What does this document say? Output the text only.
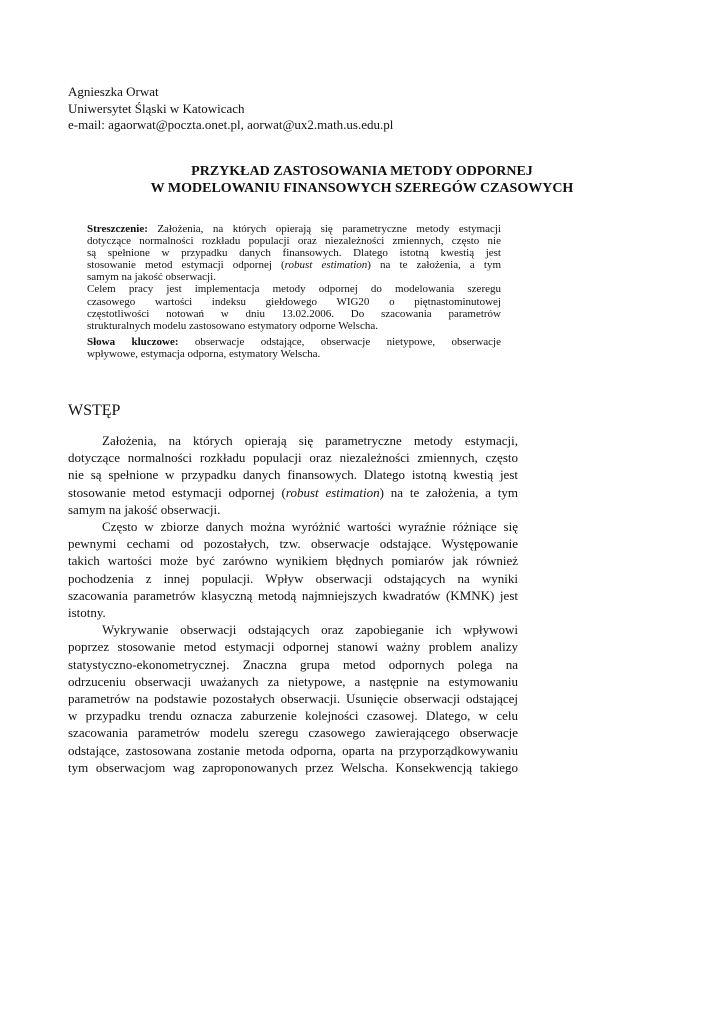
Agnieszka Orwat
Uniwersytet Śląski w Katowicach
e-mail: agaorwat@poczta.onet.pl, aorwat@ux2.math.us.edu.pl
PRZYKŁAD ZASTOSOWANIA METODY ODPORNEJ
W MODELOWANIU FINANSOWYCH SZEREGÓW CZASOWYCH

Streszczenie: Założenia, na których opierają się parametryczne metody estymacji

dotyczące normalności rozkładu populacji oraz niezależności zmiennych, często nie

są spełnione w przypadku danych finansowych. Dlatego istotną kwestią jest

stosowanie metod estymacji odpornej (robust estimation) na te założenia, a tym

samym na jakość obserwacji.

Celem pracy jest implementacja metody odpornej do modelowania szeregu

czasowego wartości indeksu giełdowego WIG20 o piętnastominutowej

częstotliwości notowań w dniu 13.02.2006. Do szacowania parametrów

strukturalnych modelu zastosowano estymatory odporne Welscha.

Słowa kluczowe: obserwacje odstające, obserwacje nietypowe, obserwacje

wpływowe, estymacja odporna, estymatory Welscha.

WSTĘP

Założenia, na których opierają się parametryczne metody estymacji,

dotyczące normalności rozkładu populacji oraz niezależności zmiennych, często

nie są spełnione w przypadku danych finansowych. Dlatego istotną kwestią jest

stosowanie metod estymacji odpornej (robust estimation) na te założenia, a tym

samym na jakość obserwacji.

Często w zbiorze danych można wyróżnić wartości wyraźnie różniące się

pewnymi cechami od pozostałych, tzw. obserwacje odstające. Występowanie

takich wartości może być zarówno wynikiem błędnych pomiarów jak również

pochodzenia z innej populacji. Wpływ obserwacji odstających na wyniki

szacowania parametrów klasyczną metodą najmniejszych kwadratów (KMNK) jest

istotny.

Wykrywanie obserwacji odstających oraz zapobieganie ich wpływowi

poprzez stosowanie metod estymacji odpornej stanowi ważny problem analizy

statystyczno-ekonometrycznej. Znaczna grupa metod odpornych polega na

odrzuceniu obserwacji uważanych za nietypowe, a następnie na estymowaniu

parametrów na podstawie pozostałych obserwacji. Usunięcie obserwacji odstającej

w przypadku trendu oznacza zaburzenie kolejności czasowej. Dlatego, w celu

szacowania parametrów modelu szeregu czasowego zawierającego obserwacje

odstające, zastosowana zostanie metoda odporna, oparta na przyporządkowywaniu

tym obserwacjom wag zaproponowanych przez Welscha. Konsekwencją takiego
